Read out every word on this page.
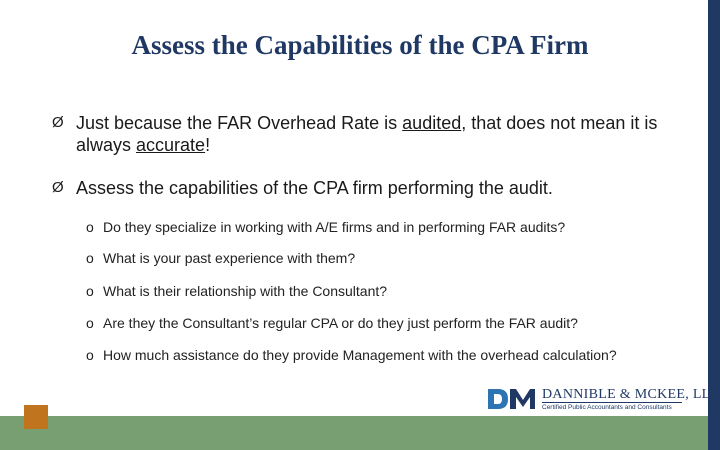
Assess the Capabilities of the CPA Firm
Ø Just because the FAR Overhead Rate is audited, that does not mean it is always accurate!
Ø Assess the capabilities of the CPA firm performing the audit.
o Do they specialize in working with A/E firms and in performing FAR audits?
o What is your past experience with them?
o What is their relationship with the Consultant?
o Are they the Consultant’s regular CPA or do they just perform the FAR audit?
o How much assistance do they provide Management with the overhead calculation?
DANNIBLE & MCKEE, LLP
Certified Public Accountants and Consultants
